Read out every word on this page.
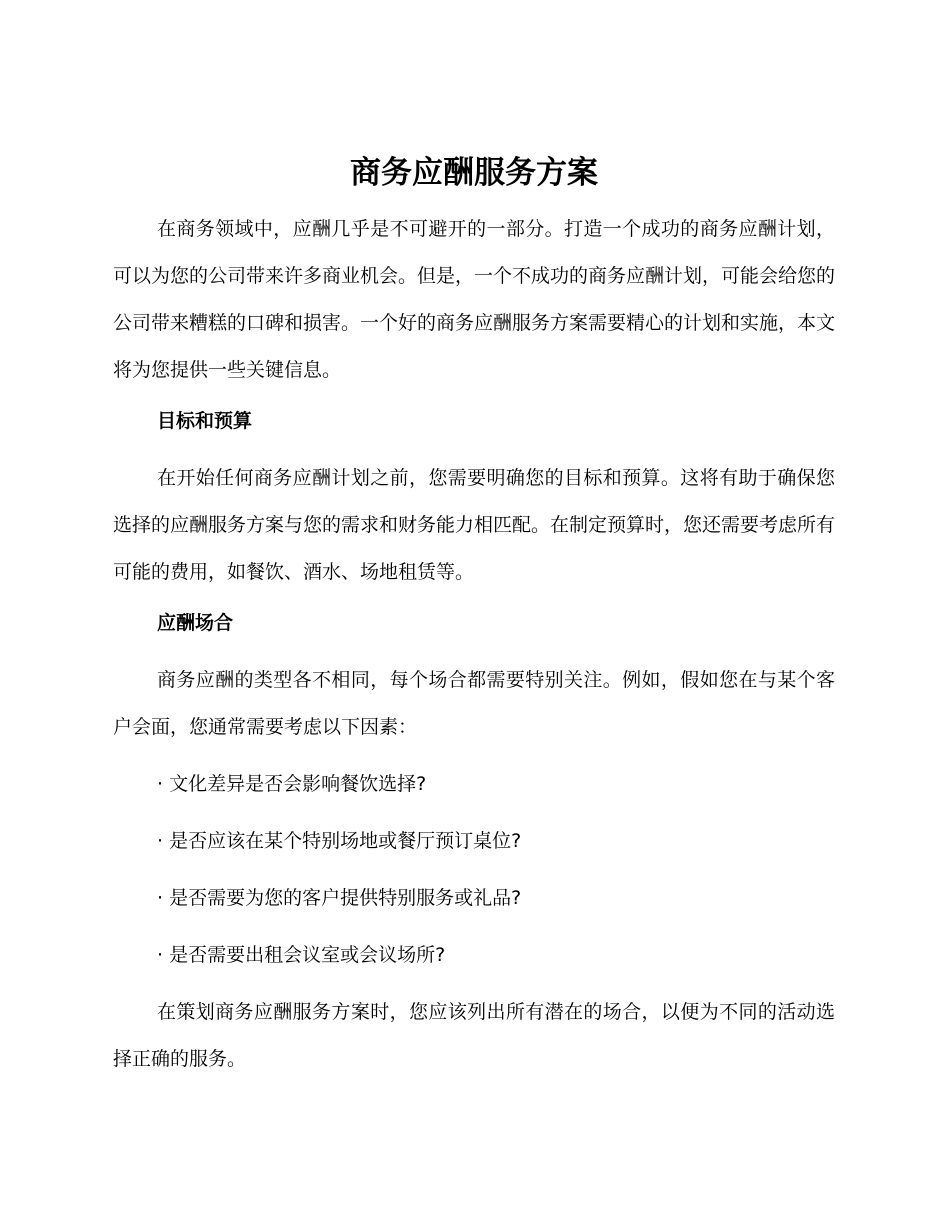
商务应酬服务方案

在商务领域中，应酬几乎是不可避开的一部分。打造一个成功的商务应酬计划，可以为您的公司带来许多商业机会。但是，一个不成功的商务应酬计划，可能会给您的公司带来糟糕的口碑和损害。一个好的商务应酬服务方案需要精心的计划和实施，本文将为您提供一些关键信息。

目标和预算

在开始任何商务应酬计划之前，您需要明确您的目标和预算。这将有助于确保您选择的应酬服务方案与您的需求和财务能力相匹配。在制定预算时，您还需要考虑所有可能的费用，如餐饮、酒水、场地租赁等。

应酬场合

商务应酬的类型各不相同，每个场合都需要特别关注。例如，假如您在与某个客户会面，您通常需要考虑以下因素：

· 文化差异是否会影响餐饮选择?
· 是否应该在某个特别场地或餐厅预订桌位?
· 是否需要为您的客户提供特别服务或礼品?
· 是否需要出租会议室或会议场所?

在策划商务应酬服务方案时，您应该列出所有潜在的场合，以便为不同的活动选择正确的服务。
